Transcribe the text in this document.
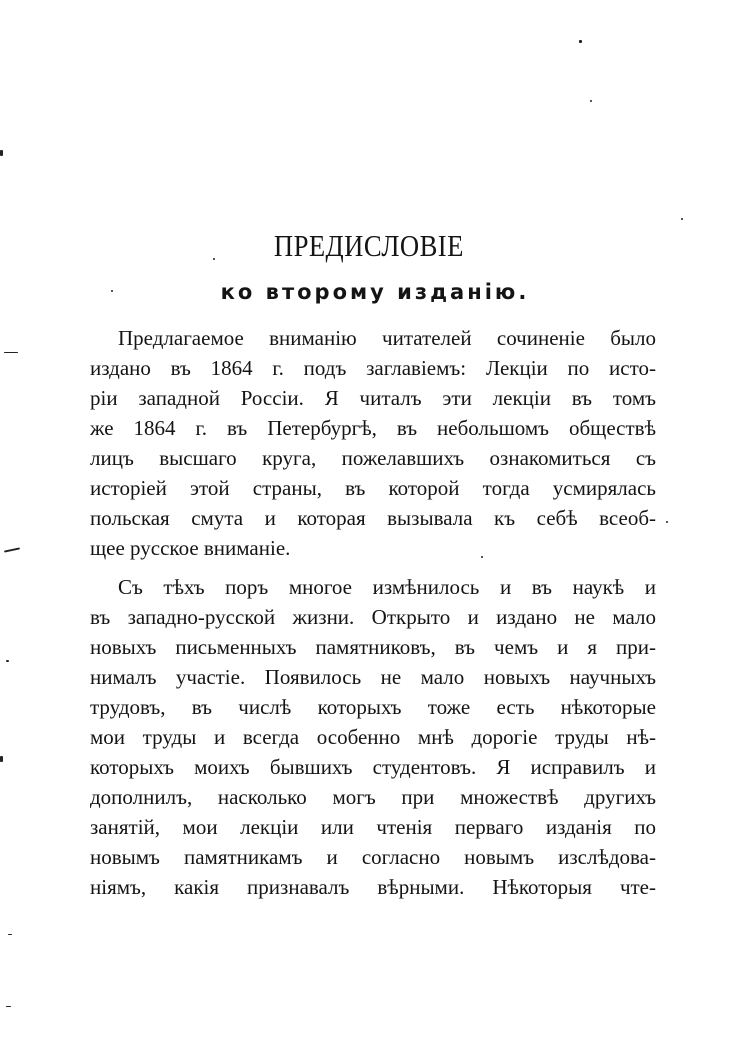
ПРЕДИСЛОВІЕ
ко второму изданію.

Предлагаемое вниманію читателей сочиненіе было
издано въ 1864 г. подъ заглавіемъ: Лекціи по исто-
ріи западной Россіи. Я читалъ эти лекціи въ томъ
же 1864 г. въ Петербургѣ, въ небольшомъ обществѣ
лицъ высшаго круга, пожелавшихъ ознакомиться съ
исторіей этой страны, въ которой тогда усмирялась
польская смута и которая вызывала къ себѣ всеоб-
щее русское вниманіе.

Съ тѣхъ поръ многое измѣнилось и въ наукѣ и
въ западно-русской жизни. Открыто и издано не мало
новыхъ письменныхъ памятниковъ, въ чемъ и я при-
нималъ участіе. Появилось не мало новыхъ научныхъ
трудовъ, въ числѣ которыхъ тоже есть нѣкоторые
мои труды и всегда особенно мнѣ дорогіе труды нѣ-
которыхъ моихъ бывшихъ студентовъ. Я исправилъ и
дополнилъ, насколько могъ при множествѣ другихъ
занятій, мои лекціи или чтенія перваго изданія по
новымъ памятникамъ и согласно новымъ изслѣдова-
ніямъ, какія признавалъ вѣрными. Нѣкоторыя чте-
